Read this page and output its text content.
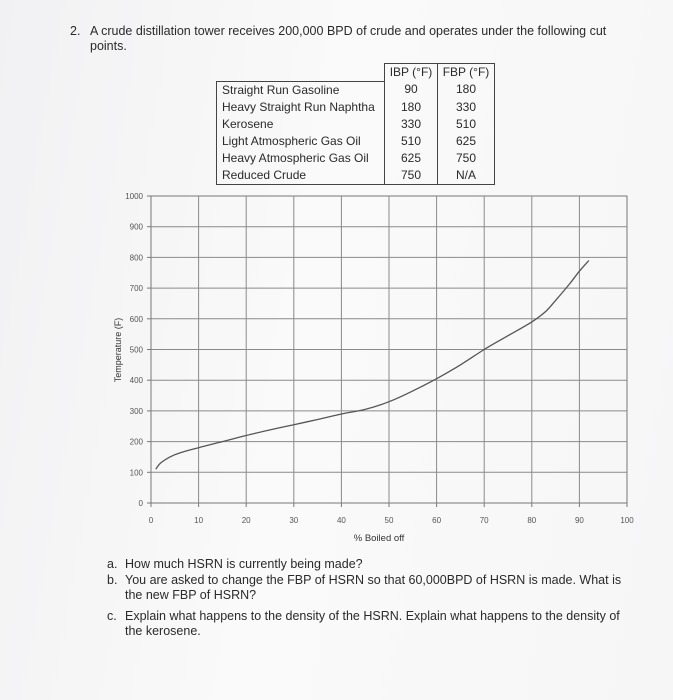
2. A crude distillation tower receives 200,000 BPD of crude and operates under the following cut points.
	IBP (°F)	FBP (°F)
Straight Run Gasoline	90	180
Heavy Straight Run Naphtha	180	330
Kerosene	330	510
Light Atmospheric Gas Oil	510	625
Heavy Atmospheric Gas Oil	625	750
Reduced Crude	750	N/A
0
100
200
300
400
500
600
700
800
900
1000
0	10	20	30	40	50	60	70	80	90	100
% Boiled off
Temperature (F)
a. How much HSRN is currently being made?
b. You are asked to change the FBP of HSRN so that 60,000BPD of HSRN is made. What is the new FBP of HSRN?
c. Explain what happens to the density of the HSRN. Explain what happens to the density of the kerosene.
